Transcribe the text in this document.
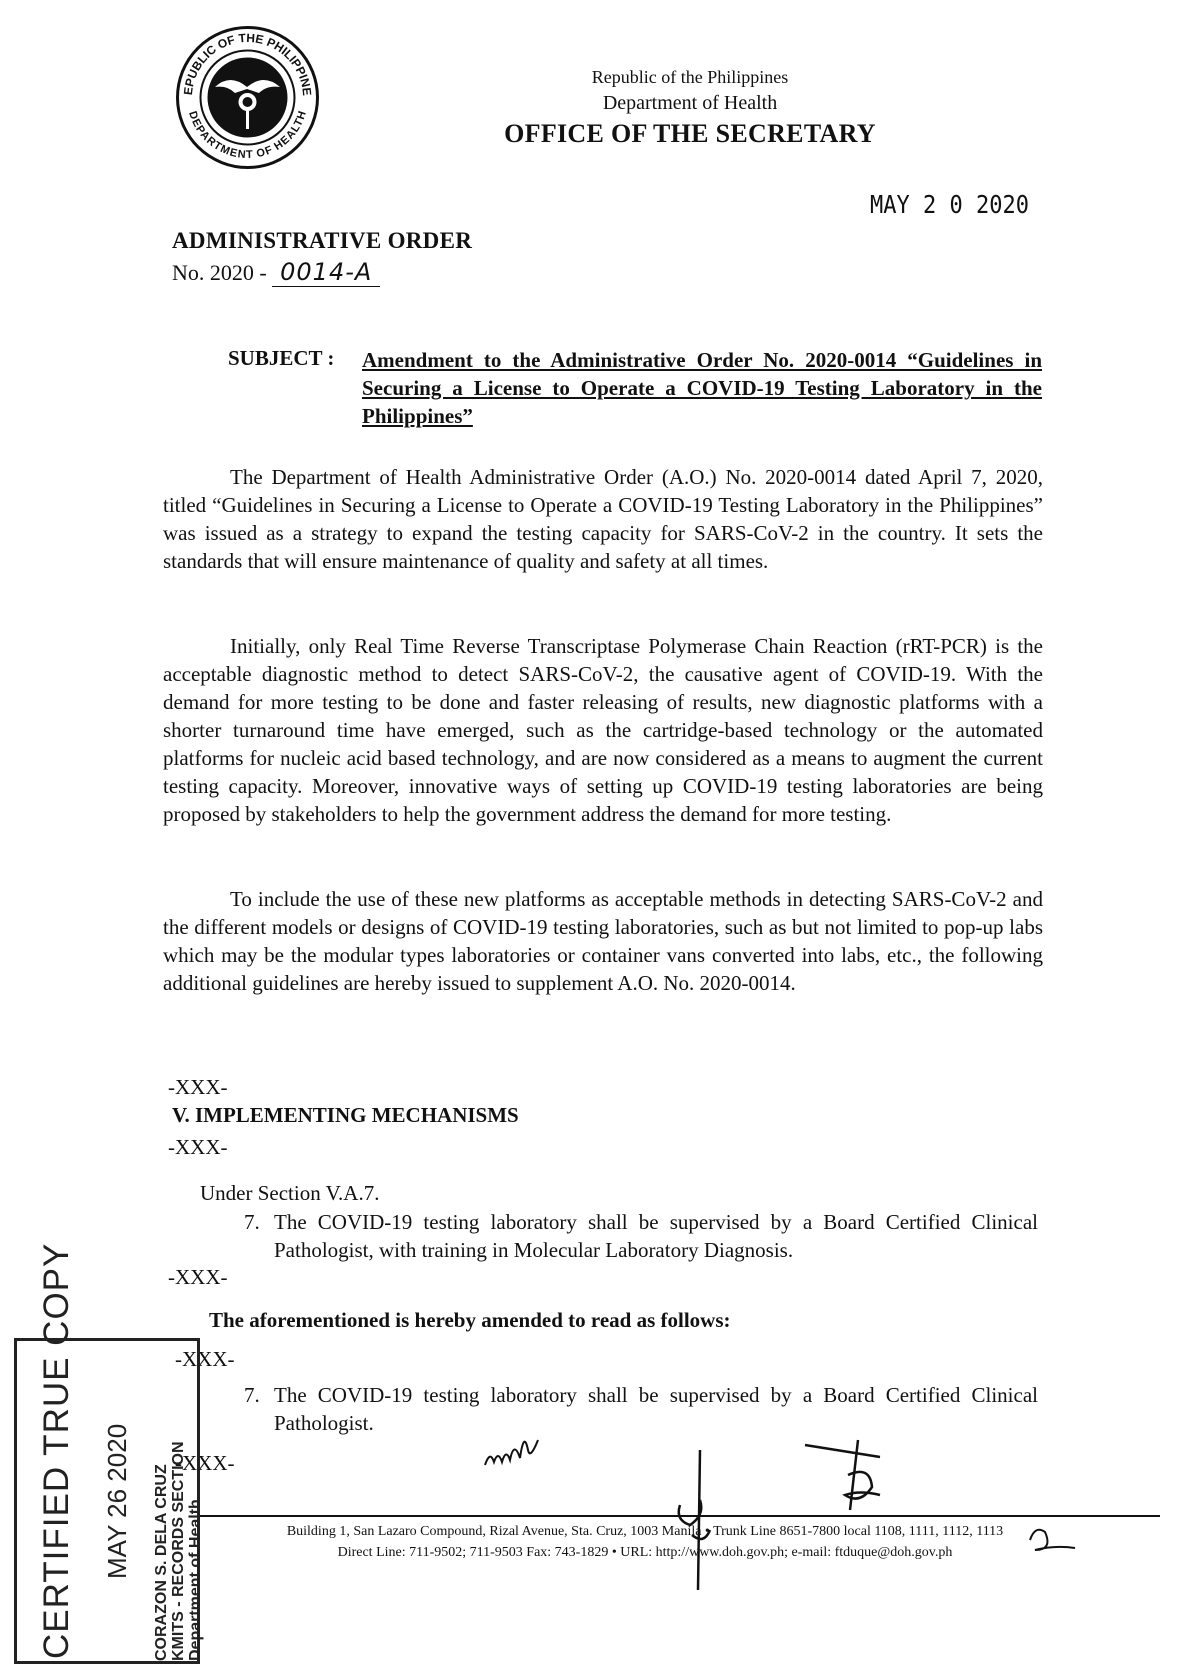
EPUBLIC OF THE PHILIPPINE
DEPARTMENT OF HEALTH
Republic of the Philippines
Department of Health
OFFICE OF THE SECRETARY
MAY 2 0 2020
ADMINISTRATIVE ORDER
No. 2020 - 0014-A
SUBJECT : Amendment to the Administrative Order No. 2020-0014 “Guidelines in Securing a License to Operate a COVID-19 Testing Laboratory in the Philippines”
The Department of Health Administrative Order (A.O.) No. 2020-0014 dated April 7, 2020, titled “Guidelines in Securing a License to Operate a COVID-19 Testing Laboratory in the Philippines” was issued as a strategy to expand the testing capacity for SARS-CoV-2 in the country. It sets the standards that will ensure maintenance of quality and safety at all times.
Initially, only Real Time Reverse Transcriptase Polymerase Chain Reaction (rRT-PCR) is the acceptable diagnostic method to detect SARS-CoV-2, the causative agent of COVID-19. With the demand for more testing to be done and faster releasing of results, new diagnostic platforms with a shorter turnaround time have emerged, such as the cartridge-based technology or the automated platforms for nucleic acid based technology, and are now considered as a means to augment the current testing capacity. Moreover, innovative ways of setting up COVID-19 testing laboratories are being proposed by stakeholders to help the government address the demand for more testing.
To include the use of these new platforms as acceptable methods in detecting SARS-CoV-2 and the different models or designs of COVID-19 testing laboratories, such as but not limited to pop-up labs which may be the modular types laboratories or container vans converted into labs, etc., the following additional guidelines are hereby issued to supplement A.O. No. 2020-0014.
-XXX-
V. IMPLEMENTING MECHANISMS
-XXX-
Under Section V.A.7.
7. The COVID-19 testing laboratory shall be supervised by a Board Certified Clinical Pathologist, with training in Molecular Laboratory Diagnosis.
-XXX-
The aforementioned is hereby amended to read as follows:
-XXX-
7. The COVID-19 testing laboratory shall be supervised by a Board Certified Clinical Pathologist.
-XXX-
Building 1, San Lazaro Compound, Rizal Avenue, Sta. Cruz, 1003 Manila • Trunk Line 8651-7800 local 1108, 1111, 1112, 1113
Direct Line: 711-9502; 711-9503 Fax: 743-1829 • URL: http://www.doh.gov.ph; e-mail: ftduque@doh.gov.ph
CERTIFIED TRUE COPY MAY 26 2020 CORAZON S. DELA CRUZ KMITS - RECORDS SECTION Department of Health
